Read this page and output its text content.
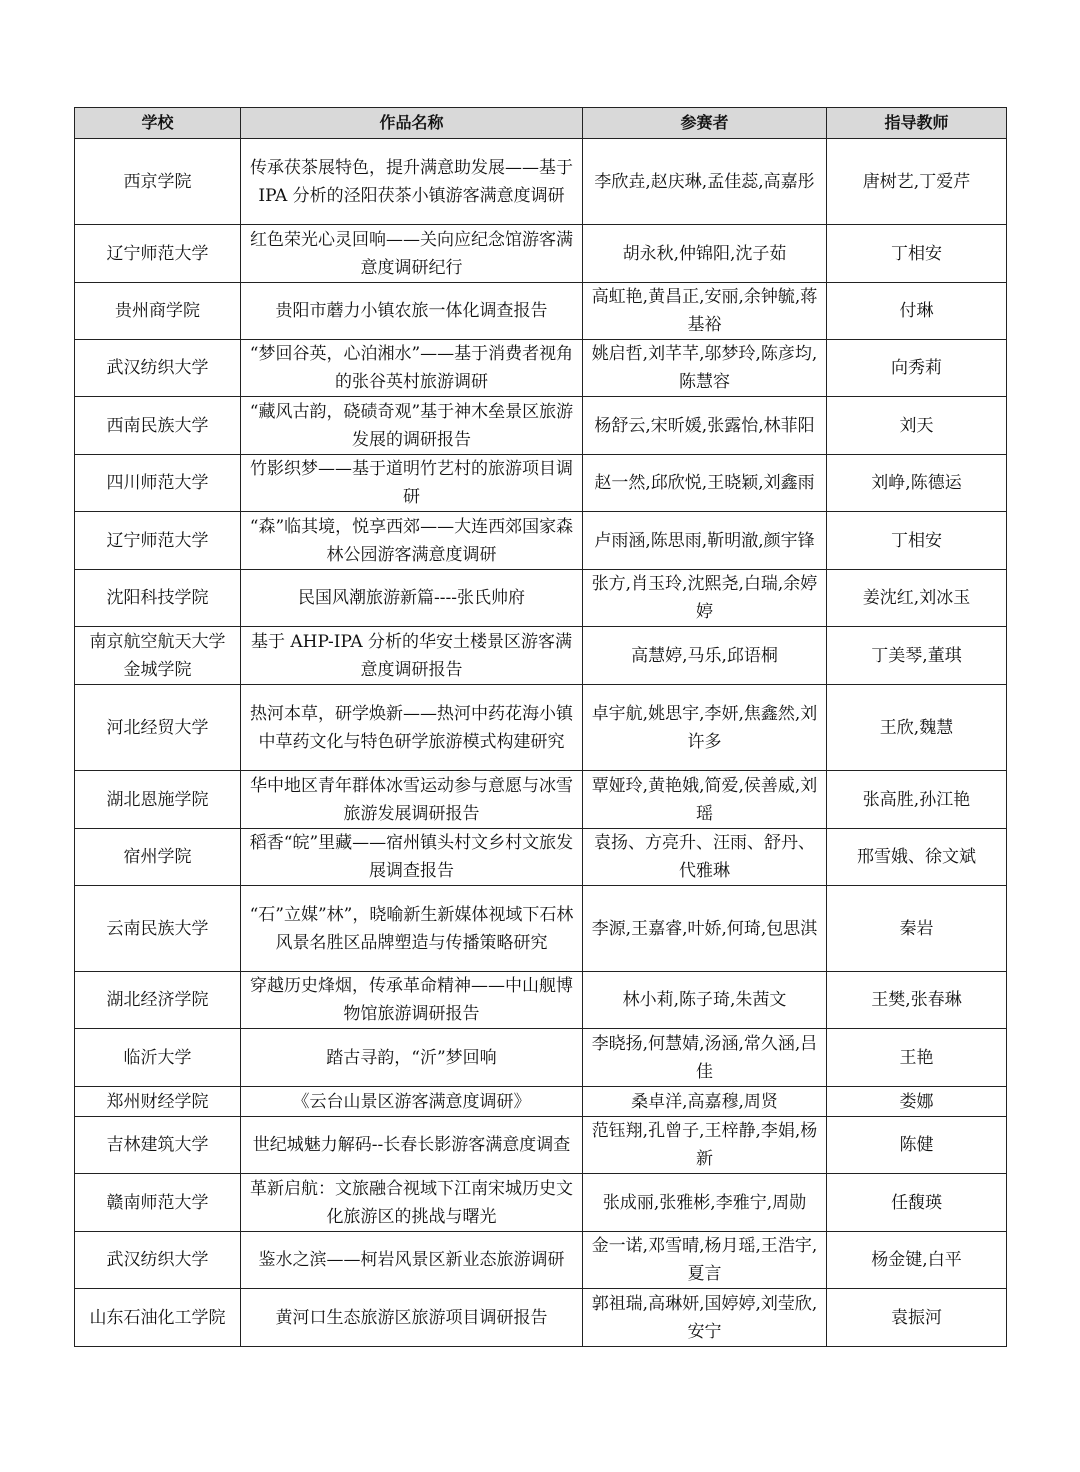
学校	作品名称	参赛者	指导教师
西京学院	传承茯茶展特色，提升满意助发展——基于 IPA 分析的泾阳茯茶小镇游客满意度调研	李欣垚,赵庆琳,孟佳蕊,高嘉彤	唐树艺,丁爱芹
辽宁师范大学	红色荣光心灵回响——关向应纪念馆游客满意度调研纪行	胡永秋,仲锦阳,沈子茹	丁相安
贵州商学院	贵阳市蘑力小镇农旅一体化调查报告	高虹艳,黄昌正,安丽,余钟毓,蒋基裕	付琳
武汉纺织大学	“梦回谷英，心泊湘水”——基于消费者视角的张谷英村旅游调研	姚启哲,刘芊芊,邬梦玲,陈彦均,陈慧容	向秀莉
西南民族大学	“藏风古韵，硗碛奇观”基于神木垒景区旅游发展的调研报告	杨舒云,宋昕媛,张露怡,林菲阳	刘天
四川师范大学	竹影织梦——基于道明竹艺村的旅游项目调研	赵一然,邱欣悦,王晓颖,刘鑫雨	刘峥,陈德运
辽宁师范大学	“森”临其境，悦享西郊——大连西郊国家森林公园游客满意度调研	卢雨涵,陈思雨,靳明澈,颜宇锋	丁相安
沈阳科技学院	民国风潮旅游新篇----张氏帅府	张方,肖玉玲,沈熙尧,白瑞,余婷婷	姜沈红,刘冰玉
南京航空航天大学金城学院	基于 AHP-IPA 分析的华安土楼景区游客满意度调研报告	高慧婷,马乐,邱语桐	丁美琴,董琪
河北经贸大学	热河本草，研学焕新——热河中药花海小镇中草药文化与特色研学旅游模式构建研究	卓宇航,姚思宇,李妍,焦鑫然,刘许多	王欣,魏慧
湖北恩施学院	华中地区青年群体冰雪运动参与意愿与冰雪旅游发展调研报告	覃娅玲,黄艳娥,简爱,侯善威,刘瑶	张高胜,孙江艳
宿州学院	稻香“皖”里藏——宿州镇头村文乡村文旅发展调查报告	袁扬、方亮升、汪雨、舒丹、代雅琳	邢雪娥、徐文斌
云南民族大学	“石”立媒”林”，晓喻新生新媒体视域下石林风景名胜区品牌塑造与传播策略研究	李源,王嘉睿,叶娇,何琦,包思淇	秦岩
湖北经济学院	穿越历史烽烟，传承革命精神——中山舰博物馆旅游调研报告	林小莉,陈子琦,朱茜文	王樊,张春琳
临沂大学	踏古寻韵，“沂”梦回响	李晓扬,何慧婧,汤涵,常久涵,吕佳	王艳
郑州财经学院	《云台山景区游客满意度调研》	桑卓洋,高嘉穆,周贤	娄娜
吉林建筑大学	世纪城魅力解码--长春长影游客满意度调查	范钰翔,孔曾子,王梓静,李娟,杨新	陈健
赣南师范大学	革新启航：文旅融合视域下江南宋城历史文化旅游区的挑战与曙光	张成丽,张雅彬,李雅宁,周勋	任馥瑛
武汉纺织大学	鉴水之滨——柯岩风景区新业态旅游调研	金一诺,邓雪晴,杨月瑶,王浩宇,夏言	杨金键,白平
山东石油化工学院	黄河口生态旅游区旅游项目调研报告	郭祖瑞,高琳妍,国婷婷,刘莹欣,安宁	袁振河
